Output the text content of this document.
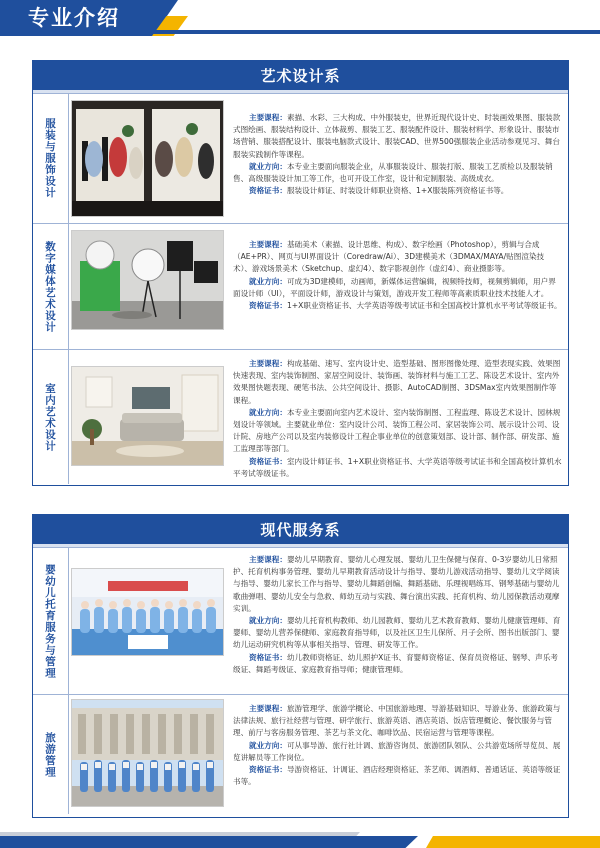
专业介绍
艺术设计系
服装与服饰设计

主要课程：素描、水彩、三大构成、中外服装史，世界近现代设计史、时装画效果图、服装款式图绘画、服装结构设计、立体裁剪、服装工艺、服装配件设计、服装材料学、形象设计、服装市场营销、服装搭配设计、服装电脑款式设计、服装CAD、世界500强服装企业活动参观见习、舞台服装实践制作等课程。

就业方向：本专业主要面向服装企业，从事服装设计、服装打版、服装工艺质检以及服装销售、高级服装设计加工等工作，也可开设工作室，设计和定制服装、高级成衣。

资格证书：服装设计师证、时装设计师职业资格、1+X服装陈列资格证书等。

数字媒体艺术设计	主要课程：基础美术（素描、设计思维、构成）、数字绘画（Photoshop），剪辑与合成（AE+PR）、网页与UI界面设计（Coredraw/Ai）、3D建模美术（3DMAX/MAYA/贴图渲染技术）、游戏场景美术（Sketchup、虚幻4）、数字影视创作（虚幻4）、商业摄影等。

就业方向：可成为3D建模师，动画师，新媒体运营编辑，视频特技师，视频剪辑师，用户界面设计师（UI），平面设计师，游戏设计与策划，游戏开发工程师等高素质职业技术技能人才。

资格证书：1+X职业资格证书、大学英语等级考试证书和全国高校计算机水平考试等级证书。

室内艺术设计

主要课程：构成基础、速写、室内设计史、造型基础、图形图像处理、造型表现实践、效果图快速表现、室内装饰制图、家居空间设计、装饰画、装饰材料与施工工艺、陈设艺术设计、室内外效果图快题表现、硬笔书法、公共空间设计、摄影、AutoCAD制图、3DSMax室内效果图制作等课程。

就业方向：本专业主要面向室内艺术设计、室内装饰制图、工程监理、陈设艺术设计、园林规划设计等领域。主要就业单位：室内设计公司、装饰工程公司、家居装饰公司、展示设计公司、设计院、房地产公司以及室内装修设计工程企事业单位的创意策划部、设计部、制作部、研发部、施工监理部等部门。

资格证书：室内设计师证书、1+X职业资格证书、大学英语等级考试证书和全国高校计算机水平考试等级证书。

现代服务系
婴幼儿托育服务与管理

主要课程：婴幼儿早期教育、婴幼儿心理发展、婴幼儿卫生保健与保育、0-3岁婴幼儿日常照护、托育机构事务管理、婴幼儿早期教育活动设计与指导、婴幼儿游戏活动指导、婴幼儿文学阅读与指导、婴幼儿家长工作与指导、婴幼儿舞蹈创编、舞蹈基础、乐理视唱练耳、钢琴基础与婴幼儿歌曲弹唱、婴幼儿安全与急救、师幼互动与实践、舞台演出实践、托育机构、幼儿园保教活动观摩实训。

就业方向：婴幼儿托育机构教师、幼儿园教师、婴幼儿艺术教育教师、婴幼儿健康管理师、育婴师、婴幼儿营养保健师、家庭教育指导师，以及社区卫生儿保所、月子会所、图书出版部门、婴幼儿运动研究机构等从事相关指导、管理、研发等工作。

资格证书：幼儿教师资格证、幼儿照护X证书、育婴师资格证、保育员资格证、钢琴、声乐考级证、舞蹈考级证、家庭教育指导师；健康管理师。

旅游管理

主要课程：旅游管理学、旅游学概论、中国旅游地理、导游基础知识、导游业务、旅游政策与法律法规、旅行社经营与管理、研学旅行、旅游英语、酒店英语、饭店管理概论、餐饮服务与管理、前厅与客房服务管理、茶艺与茶文化、咖啡饮品、民宿运营与管理等课程。

就业方向：可从事导游、旅行社计调、旅游咨询员、旅游团队领队、公共游览场所导览员、展览讲解员等工作岗位。

资格证书：导游资格证、计调证、酒店经理资格证、茶艺师、调酒师、普通话证、英语等级证书等。
